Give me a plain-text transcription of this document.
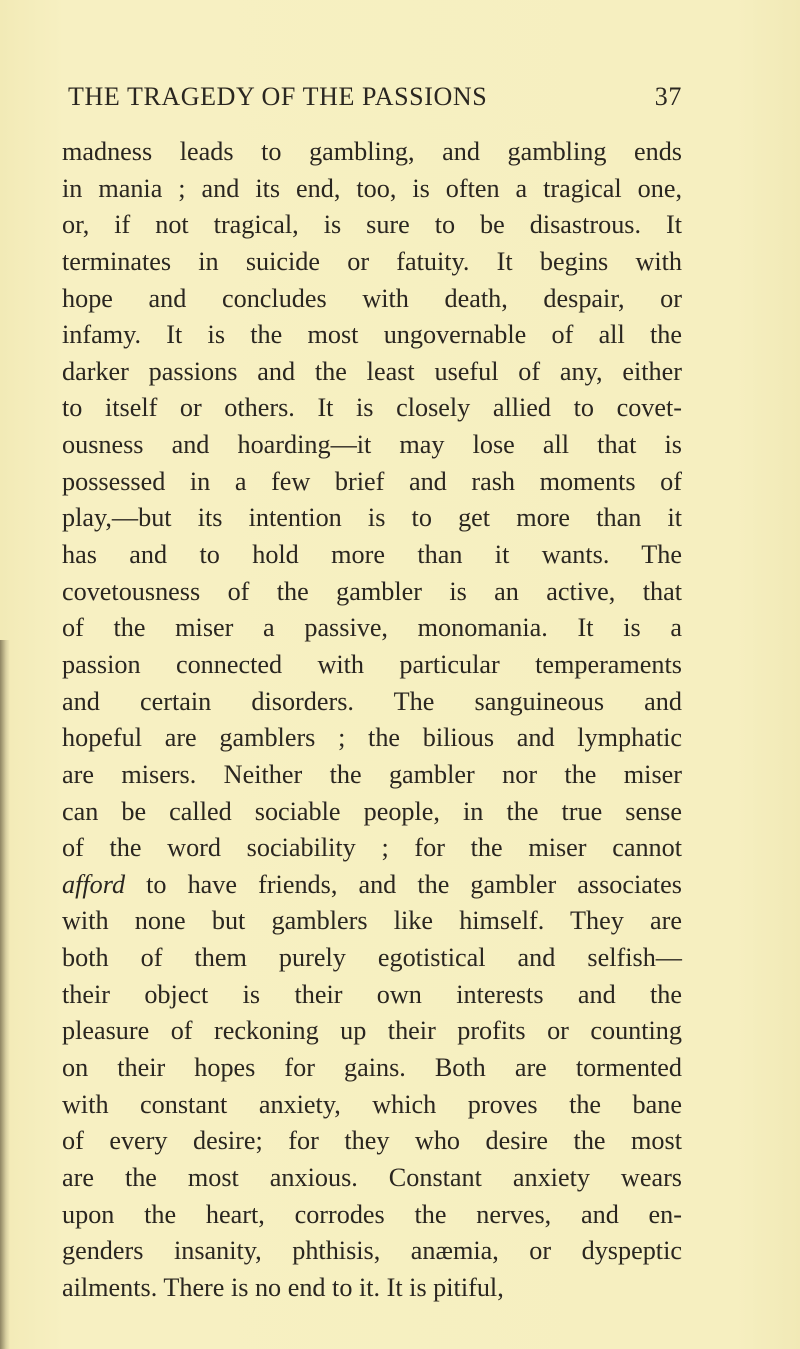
THE TRAGEDY OF THE PASSIONS	37
madness leads to gambling, and gambling ends
in mania ; and its end, too, is often a tragical one,
or, if not tragical, is sure to be disastrous. It
terminates in suicide or fatuity. It begins with
hope and concludes with death, despair, or
infamy. It is the most ungovernable of all the
darker passions and the least useful of any, either
to itself or others. It is closely allied to covet-
ousness and hoarding—it may lose all that is
possessed in a few brief and rash moments of
play,—but its intention is to get more than it
has and to hold more than it wants. The
covetousness of the gambler is an active, that
of the miser a passive, monomania. It is a
passion connected with particular temperaments
and certain disorders. The sanguineous and
hopeful are gamblers ; the bilious and lymphatic
are misers. Neither the gambler nor the miser
can be called sociable people, in the true sense
of the word sociability ; for the miser cannot
afford to have friends, and the gambler associates
with none but gamblers like himself. They are
both of them purely egotistical and selfish—
their object is their own interests and the
pleasure of reckoning up their profits or counting
on their hopes for gains. Both are tormented
with constant anxiety, which proves the bane
of every desire; for they who desire the most
are the most anxious. Constant anxiety wears
upon the heart, corrodes the nerves, and en-
genders insanity, phthisis, anæmia, or dyspeptic
ailments. There is no end to it. It is pitiful,
